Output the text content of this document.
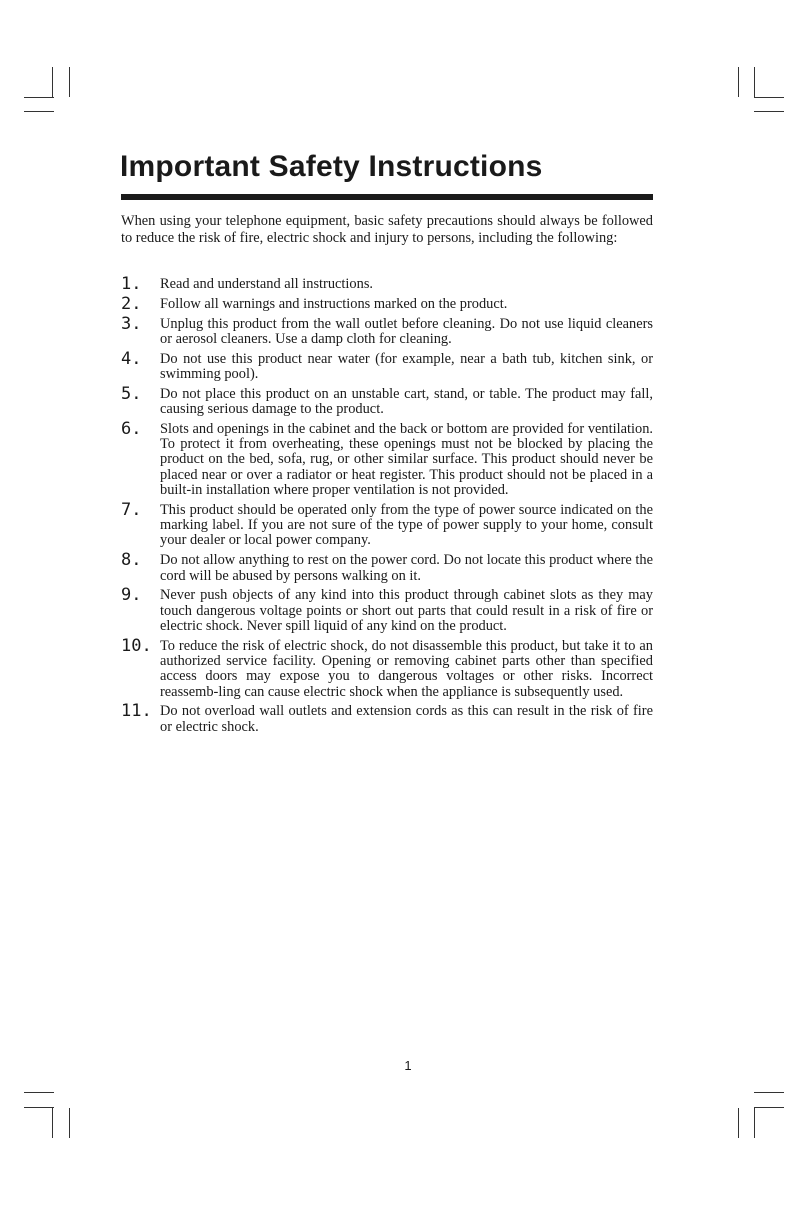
Important Safety Instructions

When using your telephone equipment, basic safety precautions should always be followed to reduce the risk of fire, electric shock and injury to persons, including the following:

1. Read and understand all instructions.
2. Follow all warnings and instructions marked on the product.
3. Unplug this product from the wall outlet before cleaning. Do not use liquid cleaners or aerosol cleaners. Use a damp cloth for cleaning.
4. Do not use this product near water (for example, near a bath tub, kitchen sink, or swimming pool).
5. Do not place this product on an unstable cart, stand, or table. The product may fall, causing serious damage to the product.
6. Slots and openings in the cabinet and the back or bottom are provided for ventilation. To protect it from overheating, these openings must not be blocked by placing the product on the bed, sofa, rug, or other similar surface. This product should never be placed near or over a radiator or heat register. This product should not be placed in a built-in installation where proper ventilation is not provided.
7. This product should be operated only from the type of power source indicated on the marking label. If you are not sure of the type of power supply to your home, consult your dealer or local power company.
8. Do not allow anything to rest on the power cord. Do not locate this product where the cord will be abused by persons walking on it.
9. Never push objects of any kind into this product through cabinet slots as they may touch dangerous voltage points or short out parts that could result in a risk of fire or electric shock. Never spill liquid of any kind on the product.
10. To reduce the risk of electric shock, do not disassemble this product, but take it to an authorized service facility. Opening or removing cabinet parts other than specified access doors may expose you to dangerous voltages or other risks. Incorrect reassemb-ling can cause electric shock when the appliance is subsequently used.
11. Do not overload wall outlets and extension cords as this can result in the risk of fire or electric shock.
1
